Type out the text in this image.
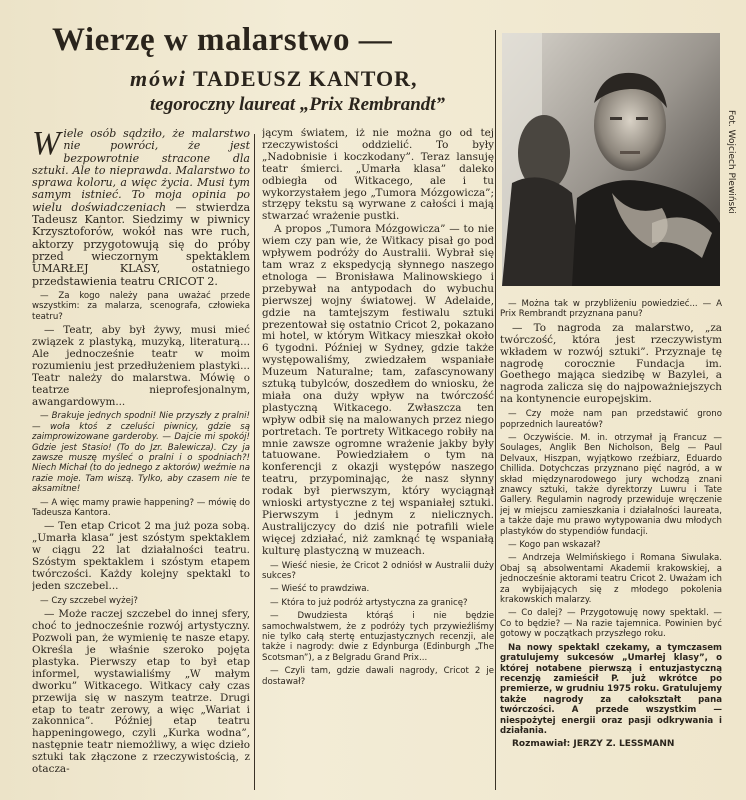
Wierzę w malarstwo —
mówi TADEUSZ KANTOR,
tegoroczny laureat „Prix Rembrandt”
Fot. Wojciech Plewiński

Wiele osób sądziło, że malarstwo nie powróci, że jest bezpowrotnie stracone dla sztuki. Ale to nieprawda. Malarstwo to sprawa koloru, a więc życia. Musi tym samym istnieć. To moja opinia po wielu doświadczeniach — stwierdza Tadeusz Kantor. Siedzimy w piwnicy Krzysztoforów, wokół nas wre ruch, aktorzy przygotowują się do próby przed wieczornym spektaklem UMARŁEJ KLASY, ostatniego przedstawienia teatru CRICOT 2.

— Za kogo należy pana uważać przede wszystkim: za malarza, scenografa, człowieka teatru?

— Teatr, aby był żywy, musi mieć związek z plastyką, muzyką, literaturą... Ale jednocześnie teatr w moim rozumieniu jest przedłużeniem plastyki... Teatr należy do malarstwa. Mówię o teatrze nieprofesjonalnym, awangardowym...

— Brakuje jednych spodni! Nie przyszły z pralni! — woła ktoś z czeluści piwnicy, gdzie są zaimprowizowane garderoby. — Dajcie mi spokój! Gdzie jest Stasio! (To do Jzr. Balewicza). Czy ja zawsze muszę myśleć o pralni i o spodniach?! Niech Michał (to do jednego z aktorów) weźmie na razie moje. Tam wiszą. Tylko, aby czasem nie te aksamitne!

— A więc mamy prawie happening? — mówię do Tadeusza Kantora.

— Ten etap Cricot 2 ma już poza sobą. „Umarła klasa” jest szóstym spektaklem w ciągu 22 lat działalności teatru. Szóstym spektaklem i szóstym etapem twórczości. Każdy kolejny spektakl to jeden szczebel...

— Czy szczebel wyżej?

— Może raczej szczebel do innej sfery, choć to jednocześnie rozwój artystyczny. Pozwoli pan, że wymienię te nasze etapy. Określa je właśnie szeroko pojęta plastyka. Pierwszy etap to był etap informel, wystawialiśmy „W małym dworku” Witkacego. Witkacy cały czas przewija się w naszym teatrze. Drugi etap to teatr zerowy, a więc „Wariat i zakonnica”. Później etap teatru happeningowego, czyli „Kurka wodna”, następnie teatr niemożliwy, a więc dzieło sztuki tak złączone z rzeczywistością, z otacza-

jącym światem, iż nie można go od tej rzeczywistości oddzielić. To były „Nadobnisie i koczkodany”. Teraz lansuję teatr śmierci. „Umarła klasa” daleko odbiegła od Witkacego, ale i tu wykorzystałem jego „Tumora Mózgowicza”; strzępy tekstu są wyrwane z całości i mają stwarzać wrażenie pustki.

A propos „Tumora Mózgowicza” — to nie wiem czy pan wie, że Witkacy pisał go pod wpływem podróży do Australii. Wybrał się tam wraz z ekspedycją słynnego naszego etnologa — Bronisława Malinowskiego i przebywał na antypodach do wybuchu pierwszej wojny światowej. W Adelaide, gdzie na tamtejszym festiwalu sztuki prezentował się ostatnio Cricot 2, pokazano mi hotel, w którym Witkacy mieszkał około 6 tygodni. Później w Sydney, gdzie także występowaliśmy, zwiedzałem wspaniałe Muzeum Naturalne; tam, zafascynowany sztuką tubylców, doszedłem do wniosku, że miała ona duży wpływ na twórczość plastyczną Witkacego. Zwłaszcza ten wpływ odbił się na malowanych przez niego portretach. Te portrety Witkacego robiły na mnie zawsze ogromne wrażenie jakby były tatuowane. Powiedziałem o tym na konferencji z okazji występów naszego teatru, przypominając, że nasz słynny rodak był pierwszym, który wyciągnął wnioski artystyczne z tej wspaniałej sztuki. Pierwszym i jednym z nielicznych. Australijczycy do dziś nie potrafili wiele więcej zdziałać, niż zamknąć tę wspaniałą kulturę plastyczną w muzeach.

— Wieść niesie, że Cricot 2 odniósł w Australii duży sukces?

— Wieść to prawdziwa.

— Która to już podróż artystyczna za granicę?

— Dwudziesta którąś i nie będzie samochwalstwem, że z podróży tych przywieźliśmy nie tylko całą stertę entuzjastycznych recenzji, ale także i nagrody: dwie z Edynburga (Edinburgh „The Scotsman”), a z Belgradu Grand Prix...

— Czyli tam, gdzie dawali nagrody, Cricot 2 je dostawał?

— Można tak w przybliżeniu powiedzieć... — A Prix Rembrandt przyznana panu?

— To nagroda za malarstwo, „za twórczość, która jest rzeczywistym wkładem w rozwój sztuki”. Przyznaje tę nagrodę corocznie Fundacja im. Goethego mająca siedzibę w Bazylei, a nagroda zalicza się do najpoważniejszych na kontynencie europejskim.

— Czy może nam pan przedstawić grono poprzednich laureatów?

— Oczywiście. M. in. otrzymał ją Francuz — Soulages, Anglik Ben Nicholson, Belg — Paul Delvaux, Hiszpan, wyjątkowo rzeźbiarz, Eduardo Chillida. Dotychczas przyznano pięć nagród, a w skład międzynarodowego jury wchodzą znani znawcy sztuki, także dyrektorzy Luwru i Tate Gallery. Regulamin nagrody przewiduje wręczenie jej w miejscu zamieszkania i działalności laureata, a także daje mu prawo wytypowania dwu młodych plastyków do stypendiów fundacji.

— Kogo pan wskazał?

— Andrzeja Welmińskiego i Romana Siwulaka. Obaj są absolwentami Akademii krakowskiej, a jednocześnie aktorami teatru Cricot 2. Uważam ich za wybijających się z młodego pokolenia krakowskich malarzy.

— Co dalej? — Przygotowuję nowy spektakl. — Co to będzie? — Na razie tajemnica. Powinien być gotowy w początkach przyszłego roku.

Na nowy spektakl czekamy, a tymczasem gratulujemy sukcesów „Umarłej klasy”, o której notabene pierwszą i entuzjastyczną recenzję zamieścił P. już wkrótce po premierze, w grudniu 1975 roku. Gratulujemy także nagrody za całokształt pana twórczości. A przede wszystkim — niespożytej energii oraz pasji odkrywania i działania.

Rozmawiał: JERZY Z. LESSMANN
